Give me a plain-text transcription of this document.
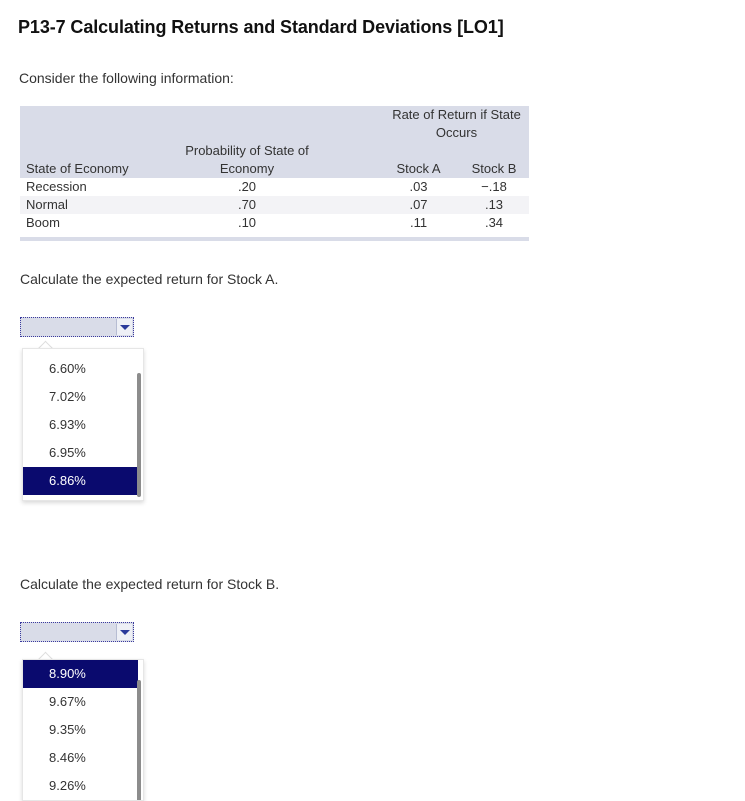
P13-7 Calculating Returns and Standard Deviations [LO1]
Consider the following information:
			Rate of Return if State Occurs	
State of Economy	Probability of State of Economy		Stock A	Stock B
Recession	.20		.03	−.18
Normal	.70		.07	.13
Boom	.10		.11	.34

Calculate the expected return for Stock A.
6.60%
7.02%
6.93%
6.95%
6.86%
Calculate the expected return for Stock B.
8.90%
9.67%
9.35%
8.46%
9.26%
